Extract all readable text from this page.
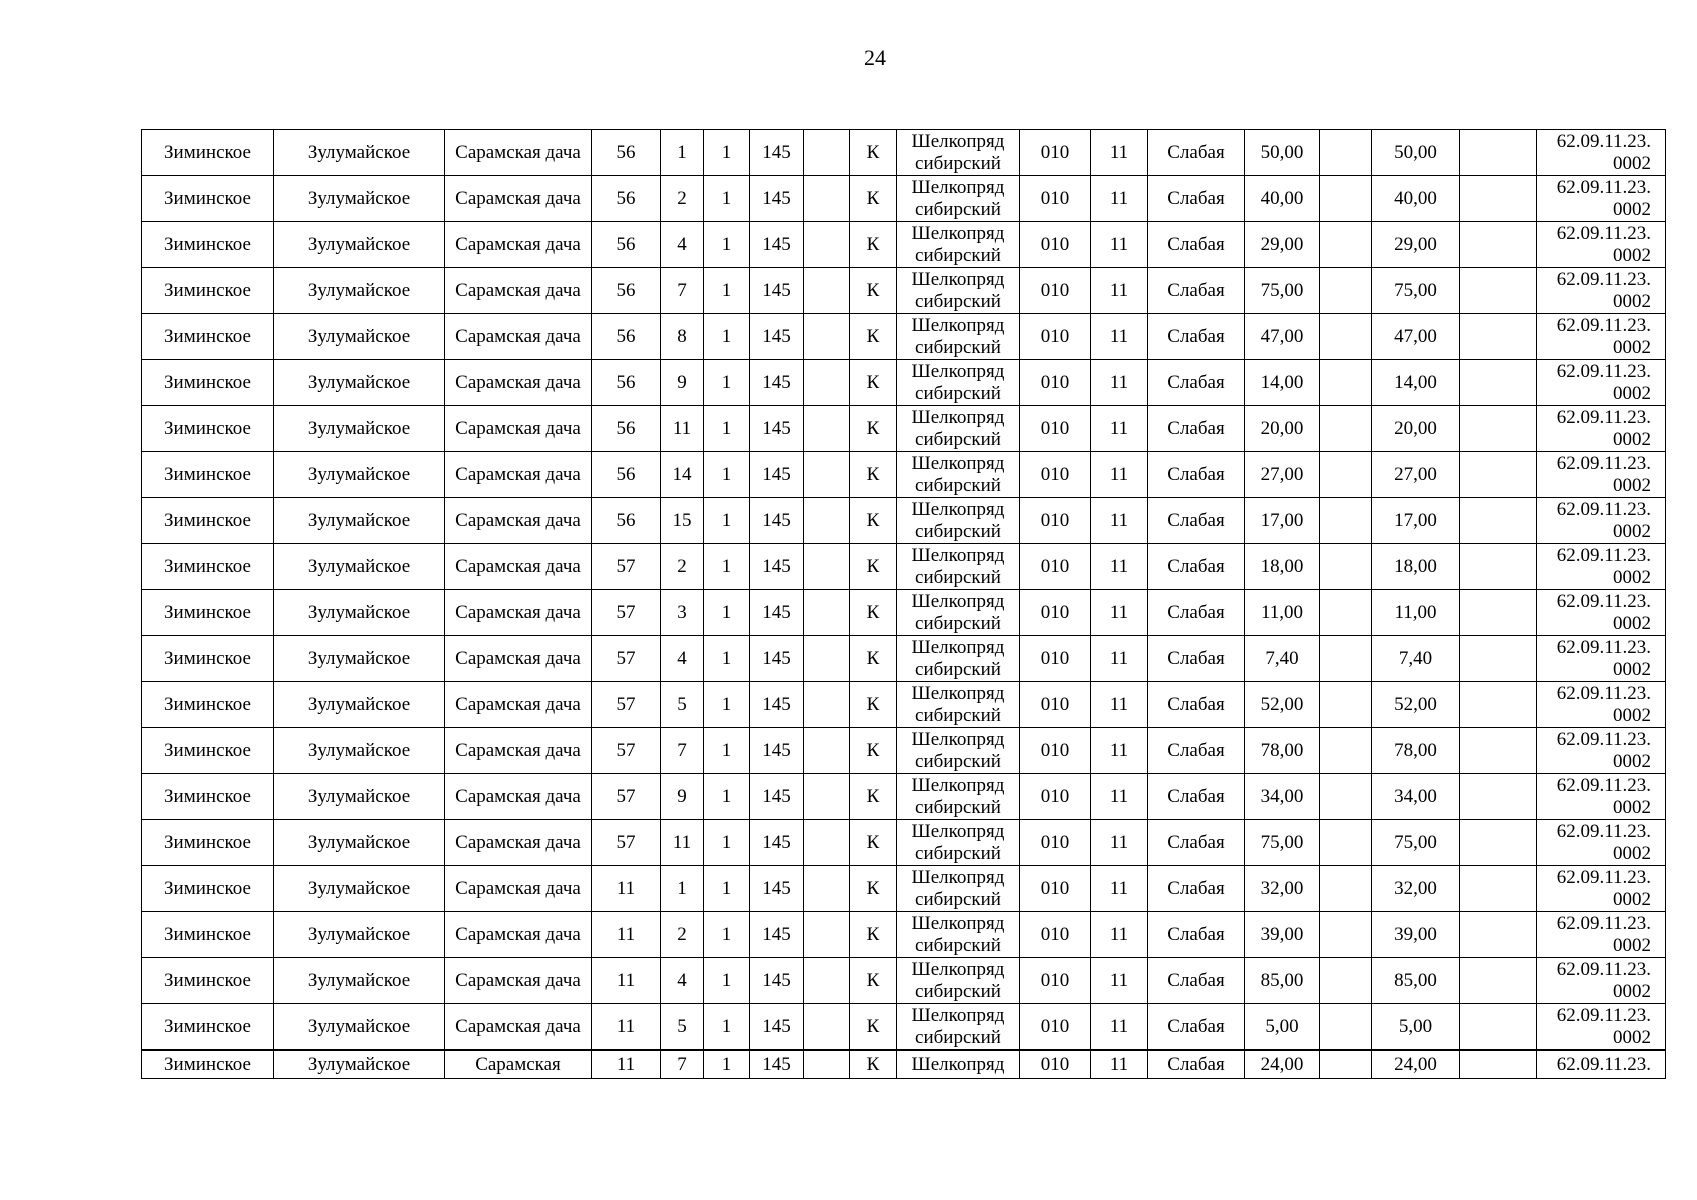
24
Зиминское	Зулумайское	Сарамская дача	56	1	1	145		К	Шелкопряд сибирский	010	11	Слабая	50,00		50,00		62.09.11.23. 0002
Зиминское	Зулумайское	Сарамская дача	56	2	1	145		К	Шелкопряд сибирский	010	11	Слабая	40,00		40,00		62.09.11.23. 0002
Зиминское	Зулумайское	Сарамская дача	56	4	1	145		К	Шелкопряд сибирский	010	11	Слабая	29,00		29,00		62.09.11.23. 0002
Зиминское	Зулумайское	Сарамская дача	56	7	1	145		К	Шелкопряд сибирский	010	11	Слабая	75,00		75,00		62.09.11.23. 0002
Зиминское	Зулумайское	Сарамская дача	56	8	1	145		К	Шелкопряд сибирский	010	11	Слабая	47,00		47,00		62.09.11.23. 0002
Зиминское	Зулумайское	Сарамская дача	56	9	1	145		К	Шелкопряд сибирский	010	11	Слабая	14,00		14,00		62.09.11.23. 0002
Зиминское	Зулумайское	Сарамская дача	56	11	1	145		К	Шелкопряд сибирский	010	11	Слабая	20,00		20,00		62.09.11.23. 0002
Зиминское	Зулумайское	Сарамская дача	56	14	1	145		К	Шелкопряд сибирский	010	11	Слабая	27,00		27,00		62.09.11.23. 0002
Зиминское	Зулумайское	Сарамская дача	56	15	1	145		К	Шелкопряд сибирский	010	11	Слабая	17,00		17,00		62.09.11.23. 0002
Зиминское	Зулумайское	Сарамская дача	57	2	1	145		К	Шелкопряд сибирский	010	11	Слабая	18,00		18,00		62.09.11.23. 0002
Зиминское	Зулумайское	Сарамская дача	57	3	1	145		К	Шелкопряд сибирский	010	11	Слабая	11,00		11,00		62.09.11.23. 0002
Зиминское	Зулумайское	Сарамская дача	57	4	1	145		К	Шелкопряд сибирский	010	11	Слабая	7,40		7,40		62.09.11.23. 0002
Зиминское	Зулумайское	Сарамская дача	57	5	1	145		К	Шелкопряд сибирский	010	11	Слабая	52,00		52,00		62.09.11.23. 0002
Зиминское	Зулумайское	Сарамская дача	57	7	1	145		К	Шелкопряд сибирский	010	11	Слабая	78,00		78,00		62.09.11.23. 0002
Зиминское	Зулумайское	Сарамская дача	57	9	1	145		К	Шелкопряд сибирский	010	11	Слабая	34,00		34,00		62.09.11.23. 0002
Зиминское	Зулумайское	Сарамская дача	57	11	1	145		К	Шелкопряд сибирский	010	11	Слабая	75,00		75,00		62.09.11.23. 0002
Зиминское	Зулумайское	Сарамская дача	11	1	1	145		К	Шелкопряд сибирский	010	11	Слабая	32,00		32,00		62.09.11.23. 0002
Зиминское	Зулумайское	Сарамская дача	11	2	1	145		К	Шелкопряд сибирский	010	11	Слабая	39,00		39,00		62.09.11.23. 0002
Зиминское	Зулумайское	Сарамская дача	11	4	1	145		К	Шелкопряд сибирский	010	11	Слабая	85,00		85,00		62.09.11.23. 0002
Зиминское	Зулумайское	Сарамская дача	11	5	1	145		К	Шелкопряд сибирский	010	11	Слабая	5,00		5,00		62.09.11.23. 0002
Зиминское	Зулумайское	Сарамская	11	7	1	145		К	Шелкопряд	010	11	Слабая	24,00		24,00		62.09.11.23.
